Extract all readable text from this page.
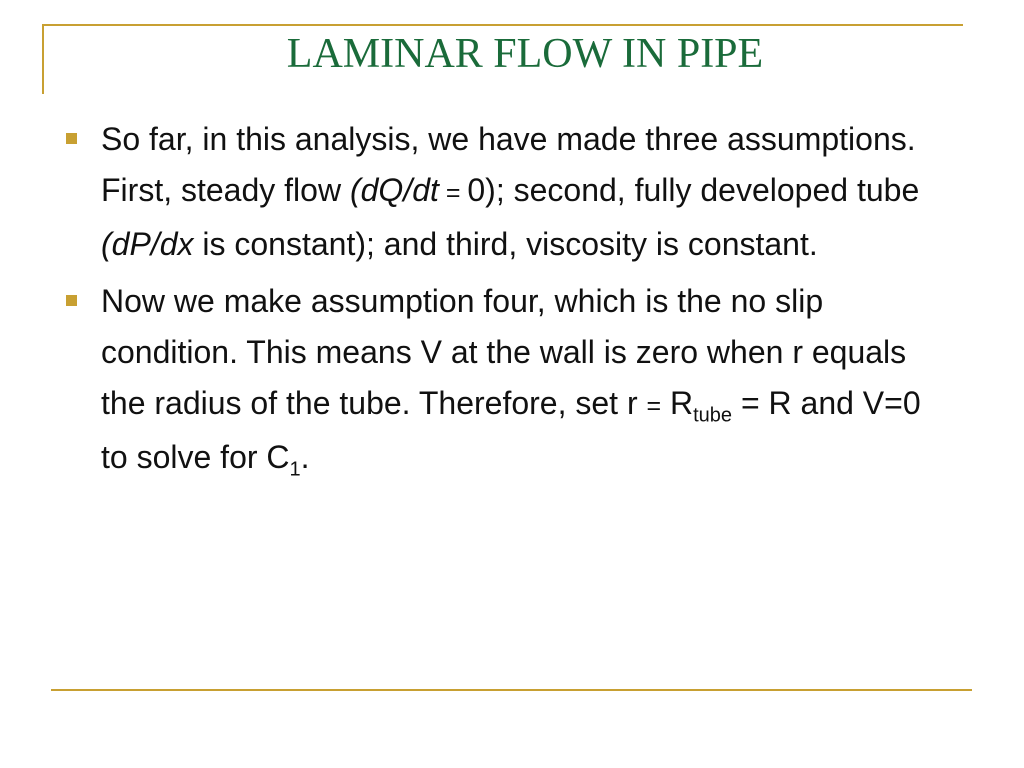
LAMINAR FLOW IN PIPE
So far, in this analysis, we have made three assumptions. First, steady flow (dQ/dt = 0); second, fully developed tube (dP/dx is constant); and third, viscosity is constant.
Now we make assumption four, which is the no slip condition. This means V at the wall is zero when r equals the radius of the tube. Therefore, set $r = R_{tube} = R$ and V=0 to solve for $C_1$.
